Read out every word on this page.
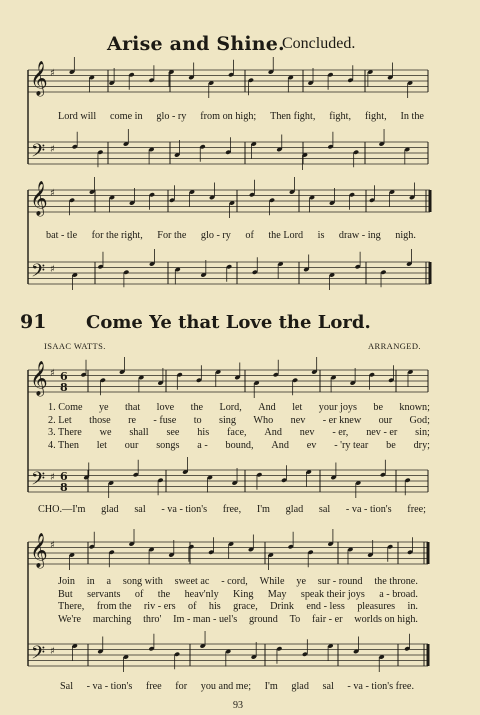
𝄞
𝄢
♯
♯
𝄞
𝄢
♯
♯
𝄞
𝄢
♯
♯
6
6
8
8
𝄞
𝄢
♯
♯
Arise and Shine.
Concluded.
Lord will come in glo - ry from on high; Then fight, fight, fight, In the
bat - tle for the right, For the glo - ry of the Lord is draw - ing nigh.
91 Come Ye that Love the Lord.
ISAAC WATTS.	ARRANGED.
1. Come ye that love the Lord, And let your joys be known;
2. Let those re - fuse to sing Who nev - er knew our God;
3. There we shall see his face, And nev - er, nev - er sin;
4. Then let our songs a - bound, And ev - 'ry tear be dry;
CHO.—I'm glad sal - va - tion's free, I'm glad sal - va - tion's free;
Join in a song with sweet ac - cord, While ye sur - round the throne.
But servants of the heav'nly King May speak their joys a - broad.
There, from the riv - ers of his grace, Drink end - less pleasures in.
We're marching thro' Im - man - uel's ground To fair - er worlds on high.
Sal - va - tion's free for you and me; I'm glad sal - va - tion's free.
93
